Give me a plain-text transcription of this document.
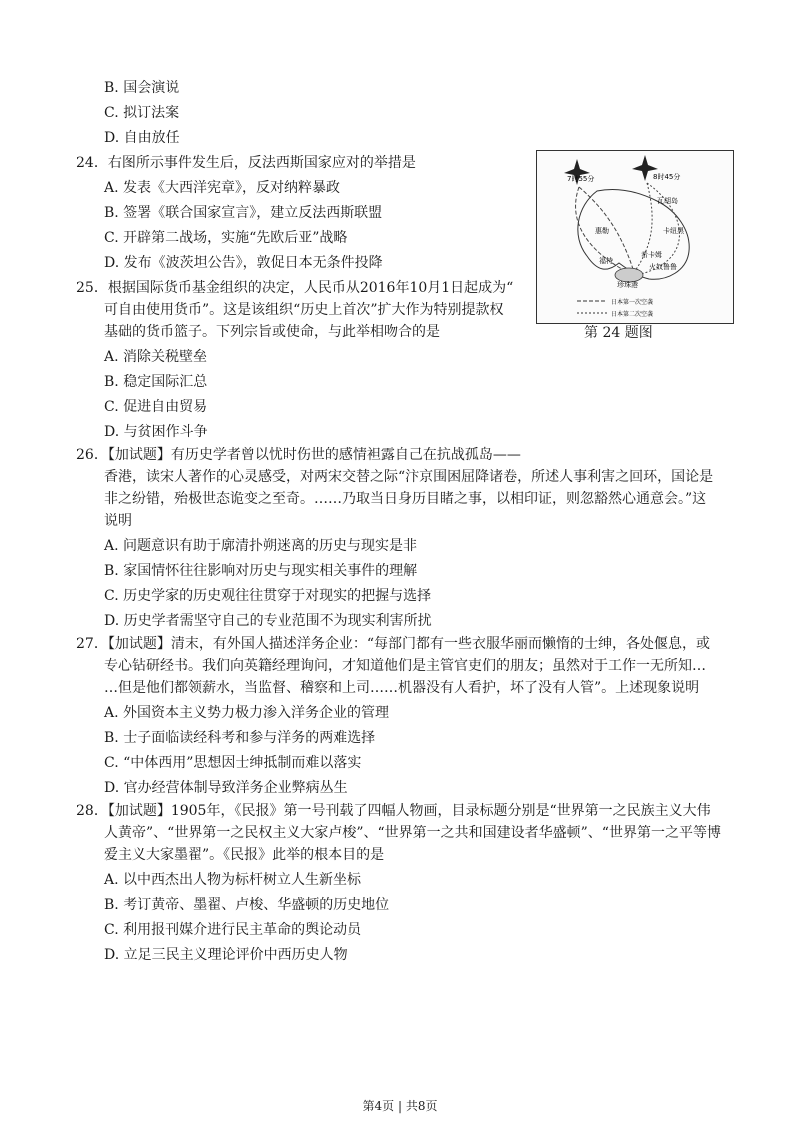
B. 国会演说
C. 拟订法案
D. 自由放任
24．右图所示事件发生后，反法西斯国家应对的举措是
A. 发表《大西洋宪章》，反对纳粹暴政
B. 签署《联合国家宣言》，建立反法西斯联盟
C. 开辟第二战场，实施“先欧后亚”战略
D. 发布《波茨坦公告》，敦促日本无条件投降
7时55分	8时45分
瓦胡岛
惠勒	卡纽黑
希卡姆
福特
火奴鲁鲁
珍珠港
日本第一次空袭
日本第二次空袭
第 24 题图
25．根据国际货币基金组织的决定，人民币从2016年10月1日起成为“
可自由使用货币”。这是该组织“历史上首次”扩大作为特别提款权
基础的货币篮子。下列宗旨或使命，与此举相吻合的是
A. 消除关税壁垒
B. 稳定国际汇总
C. 促进自由贸易
D. 与贫困作斗争
26．【加试题】有历史学者曾以忧时伤世的感情袒露自己在抗战孤岛——
香港，读宋人著作的心灵感受，对两宋交替之际“汴京围困屈降诸卷，所述人事利害之回环，国论是
非之纷错，殆极世态诡变之至奇。……乃取当日身历目睹之事，以相印证，则忽豁然心通意会。”这
说明
A. 问题意识有助于廓清扑朔迷离的历史与现实是非
B. 家国情怀往往影响对历史与现实相关事件的理解
C. 历史学家的历史观往往贯穿于对现实的把握与选择
D. 历史学者需坚守自己的专业范围不为现实利害所扰
27．【加试题】清末，有外国人描述洋务企业：“每部门都有一些衣服华丽而懒惰的士绅，各处偃息，或
专心钻研经书。我们向英籍经理询问，才知道他们是主管官吏们的朋友；虽然对于工作一无所知…
…但是他们都领薪水，当监督、稽察和上司……机器没有人看护，坏了没有人管”。上述现象说明
A. 外国资本主义势力极力渗入洋务企业的管理
B. 士子面临读经科考和参与洋务的两难选择
C. “中体西用”思想因士绅抵制而难以落实
D. 官办经营体制导致洋务企业弊病丛生
28．【加试题】1905年，《民报》第一号刊载了四幅人物画，目录标题分别是“世界第一之民族主义大伟
人黄帝”、“世界第一之民权主义大家卢梭”、“世界第一之共和国建设者华盛顿”、“世界第一之平等博
爱主义大家墨翟”。《民报》此举的根本目的是
A. 以中西杰出人物为标杆树立人生新坐标
B. 考订黄帝、墨翟、卢梭、华盛顿的历史地位
C. 利用报刊媒介进行民主革命的舆论动员
D. 立足三民主义理论评价中西历史人物
第4页 | 共8页
